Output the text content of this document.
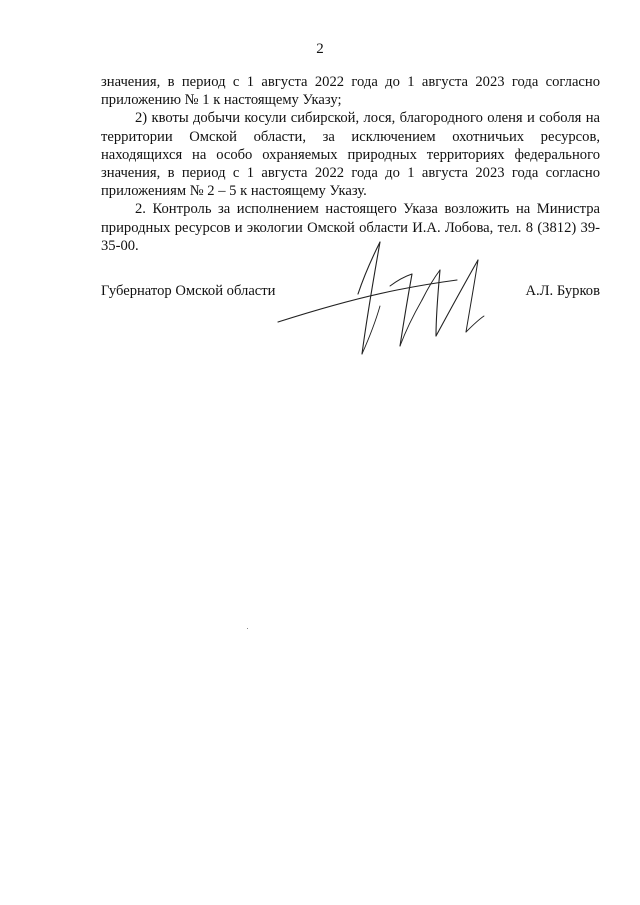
2

значения, в период с 1 августа 2022 года до 1 августа 2023 года согласно приложению № 1 к настоящему Указу;

2) квоты добычи косули сибирской, лося, благородного оленя и соболя на территории Омской области, за исключением охотничьих ресурсов, находящихся на особо охраняемых природных территориях федерального значения, в период с 1 августа 2022 года до 1 августа 2023 года согласно приложениям № 2 – 5 к настоящему Указу.

2. Контроль за исполнением настоящего Указа возложить на Министра природных ресурсов и экологии Омской области И.А. Лобова, тел. 8 (3812) 39-35-00.

Губернатор Омской области	А.Л. Бурков
